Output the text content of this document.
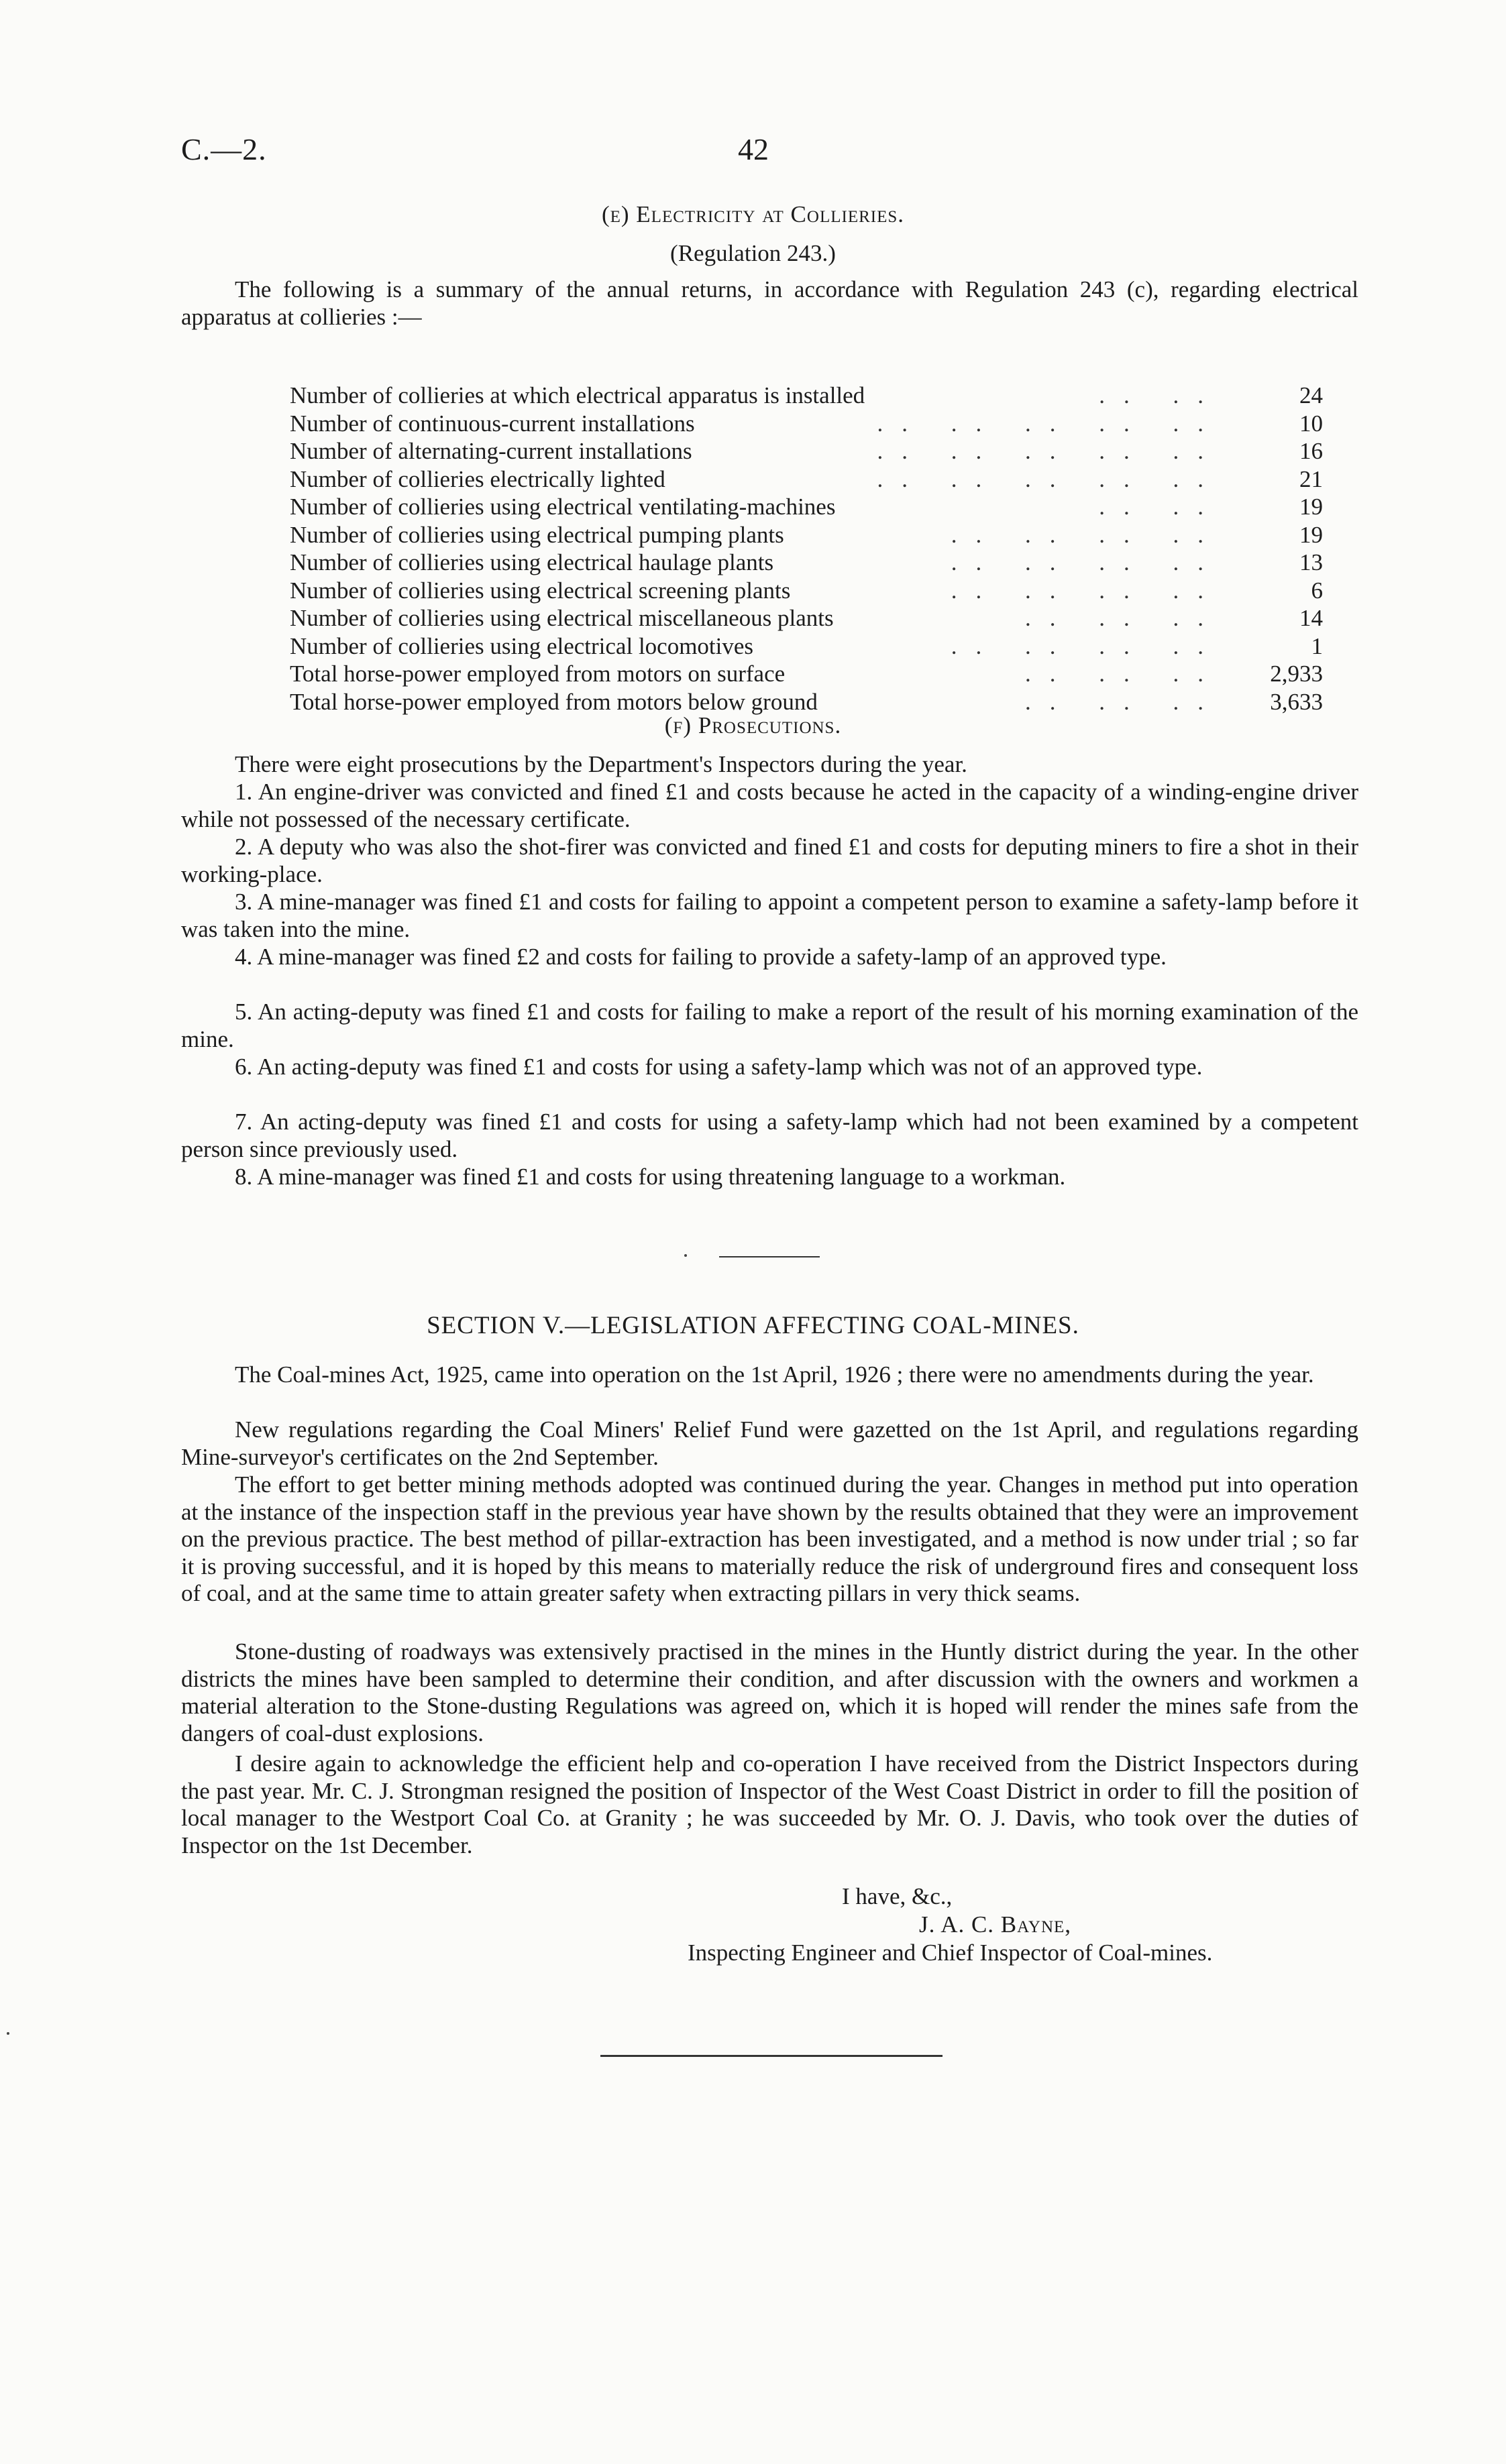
C.—2.	42
(e) Electricity at Collieries.
(Regulation 243.)

The following is a summary of the annual returns, in accordance with Regulation 243 (c), regarding electrical apparatus at collieries :—

Number of collieries at which electrical apparatus is installed	.. ..	24
Number of continuous-current installations	.. .. .. .. ..	10
Number of alternating-current installations	.. .. .. .. ..	16
Number of collieries electrically lighted	.. .. .. .. ..	21
Number of collieries using electrical ventilating-machines	.. ..	19
Number of collieries using electrical pumping plants	.. .. .. ..	19
Number of collieries using electrical haulage plants	.. .. .. ..	13
Number of collieries using electrical screening plants	.. .. .. ..	6
Number of collieries using electrical miscellaneous plants	.. .. ..	14
Number of collieries using electrical locomotives	.. .. .. ..	1
Total horse-power employed from motors on surface	.. .. ..	2,933
Total horse-power employed from motors below ground	.. .. ..	3,633
(f) Prosecutions.

There were eight prosecutions by the Department's Inspectors during the year.

1. An engine-driver was convicted and fined £1 and costs because he acted in the capacity of a winding-engine driver while not possessed of the necessary certificate.

2. A deputy who was also the shot-firer was convicted and fined £1 and costs for deputing miners to fire a shot in their working-place.

3. A mine-manager was fined £1 and costs for failing to appoint a competent person to examine a safety-lamp before it was taken into the mine.

4. A mine-manager was fined £2 and costs for failing to provide a safety-lamp of an approved type.

5. An acting-deputy was fined £1 and costs for failing to make a report of the result of his morning examination of the mine.

6. An acting-deputy was fined £1 and costs for using a safety-lamp which was not of an approved type.

7. An acting-deputy was fined £1 and costs for using a safety-lamp which had not been examined by a competent person since previously used.

8. A mine-manager was fined £1 and costs for using threatening language to a workman.

SECTION V.—LEGISLATION AFFECTING COAL-MINES.

The Coal-mines Act, 1925, came into operation on the 1st April, 1926 ; there were no amendments during the year.

New regulations regarding the Coal Miners' Relief Fund were gazetted on the 1st April, and regulations regarding Mine-surveyor's certificates on the 2nd September.

The effort to get better mining methods adopted was continued during the year. Changes in method put into operation at the instance of the inspection staff in the previous year have shown by the results obtained that they were an improvement on the previous practice. The best method of pillar-extraction has been investigated, and a method is now under trial ; so far it is proving successful, and it is hoped by this means to materially reduce the risk of underground fires and consequent loss of coal, and at the same time to attain greater safety when extracting pillars in very thick seams.

Stone-dusting of roadways was extensively practised in the mines in the Huntly district during the year. In the other districts the mines have been sampled to determine their condition, and after discussion with the owners and workmen a material alteration to the Stone-dusting Regulations was agreed on, which it is hoped will render the mines safe from the dangers of coal-dust explosions.

I desire again to acknowledge the efficient help and co-operation I have received from the District Inspectors during the past year. Mr. C. J. Strongman resigned the position of Inspector of the West Coast District in order to fill the position of local manager to the Westport Coal Co. at Granity ; he was succeeded by Mr. O. J. Davis, who took over the duties of Inspector on the 1st December.

I have, &c.,
J. A. C. Bayne,
Inspecting Engineer and Chief Inspector of Coal-mines.
